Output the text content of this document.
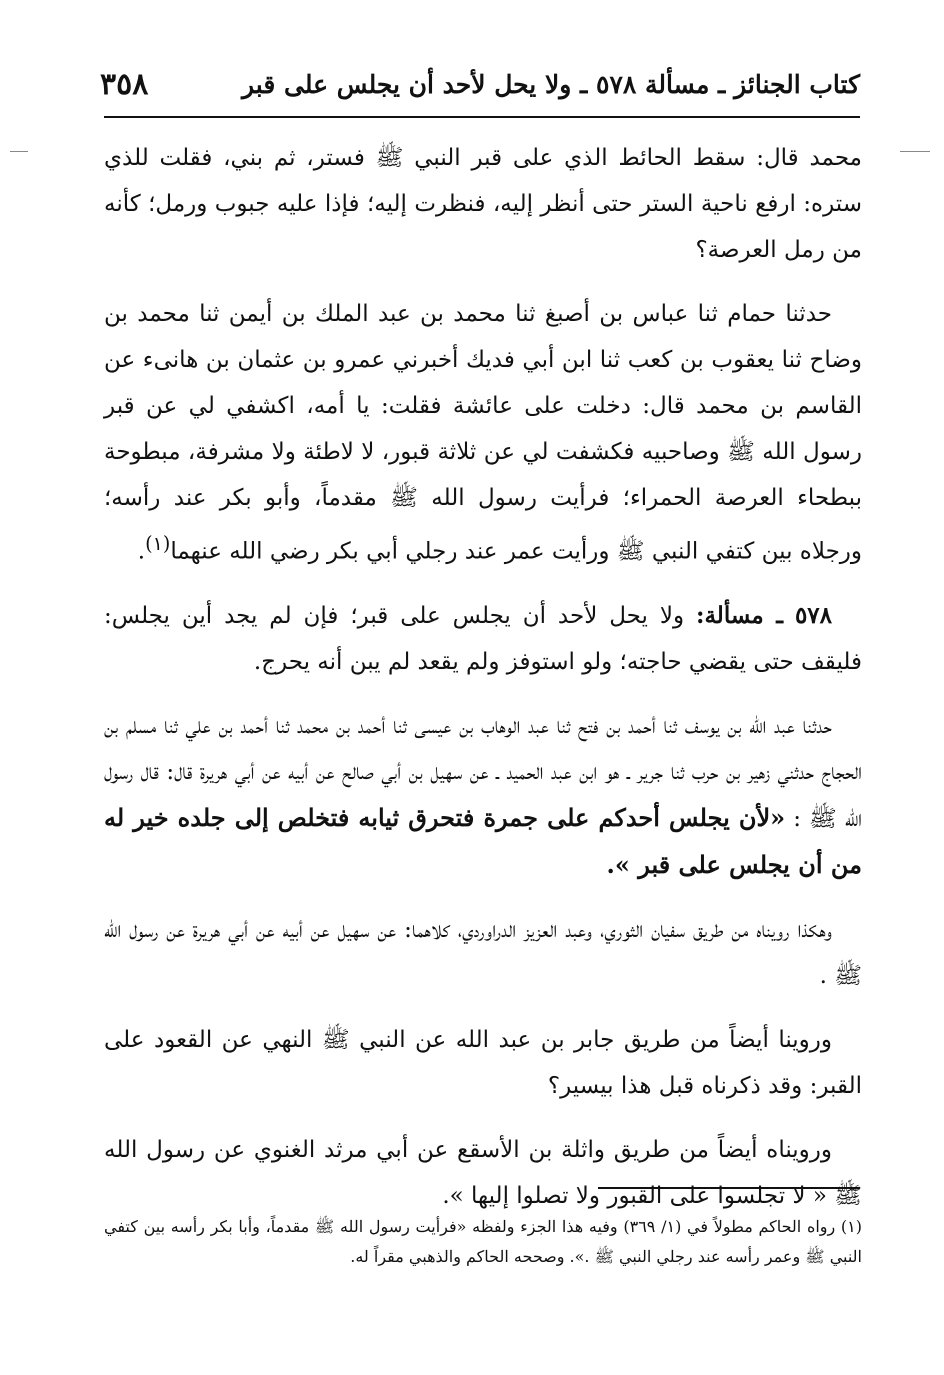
٣٥٨	كتاب الجنائز ـ مسألة ٥٧٨ ـ ولا يحل لأحد أن يجلس على قبر

محمد قال: سقط الحائط الذي على قبر النبي ﷺ فستر، ثم بني، فقلت للذي ستره: ارفع ناحية الستر حتى أنظر إليه، فنظرت إليه؛ فإذا عليه جبوب ورمل؛ كأنه من رمل العرصة؟

حدثنا حمام ثنا عباس بن أصبغ ثنا محمد بن عبد الملك بن أيمن ثنا محمد بن وضاح ثنا يعقوب بن كعب ثنا ابن أبي فديك أخبرني عمرو بن عثمان بن هانىء عن القاسم بن محمد قال: دخلت على عائشة فقلت: يا أمه، اكشفي لي عن قبر رسول الله ﷺ وصاحبيه فكشفت لي عن ثلاثة قبور، لا لاطئة ولا مشرفة، مبطوحة ببطحاء العرصة الحمراء؛ فرأيت رسول الله ﷺ مقدماً، وأبو بكر عند رأسه؛ ورجلاه بين كتفي النبي ﷺ ورأيت عمر عند رجلي أبي بكر رضي الله عنهما$^{(١)}$.

٥٧٨ ـ مسألة: ولا يحل لأحد أن يجلس على قبر؛ فإن لم يجد أين يجلس: فليقف حتى يقضي حاجته؛ ولو استوفز ولم يقعد لم يبن أنه يحرج.

حدثنا عبد الله بن يوسف ثنا أحمد بن فتح ثنا عبد الوهاب بن عيسى ثنا أحمد بن محمد ثنا أحمد بن علي ثنا مسلم بن الحجاج حدثني زهير بن حرب ثنا جرير ـ هو ابن عبد الحميد ـ عن سهيل بن أبي صالح عن أبيه عن أبي هريرة قال: قال رسول الله ﷺ : «لأن يجلس أحدكم على جمرة فتحرق ثيابه فتخلص إلى جلده خير له من أن يجلس على قبر ».

وهكذا رويناه من طريق سفيان الثوري، وعبد العزيز الدراوردي، كلاهما: عن سهيل عن أبيه عن أبي هريرة عن رسول الله ﷺ .

وروينا أيضاً من طريق جابر بن عبد الله عن النبي ﷺ النهي عن القعود على القبر: وقد ذكرناه قبل هذا بيسير؟

ورويناه أيضاً من طريق واثلة بن الأسقع عن أبي مرثد الغنوي عن رسول الله ﷺ « لا تجلسوا على القبور ولا تصلوا إليها ».

(١) رواه الحاكم مطولاً في (١/ ٣٦٩) وفيه هذا الجزء ولفظه «فرأيت رسول الله ﷺ مقدماً، وأبا بكر رأسه بين كتفي النبي ﷺ وعمر رأسه عند رجلي النبي ﷺ .». وصححه الحاكم والذهبي مقراً له.
